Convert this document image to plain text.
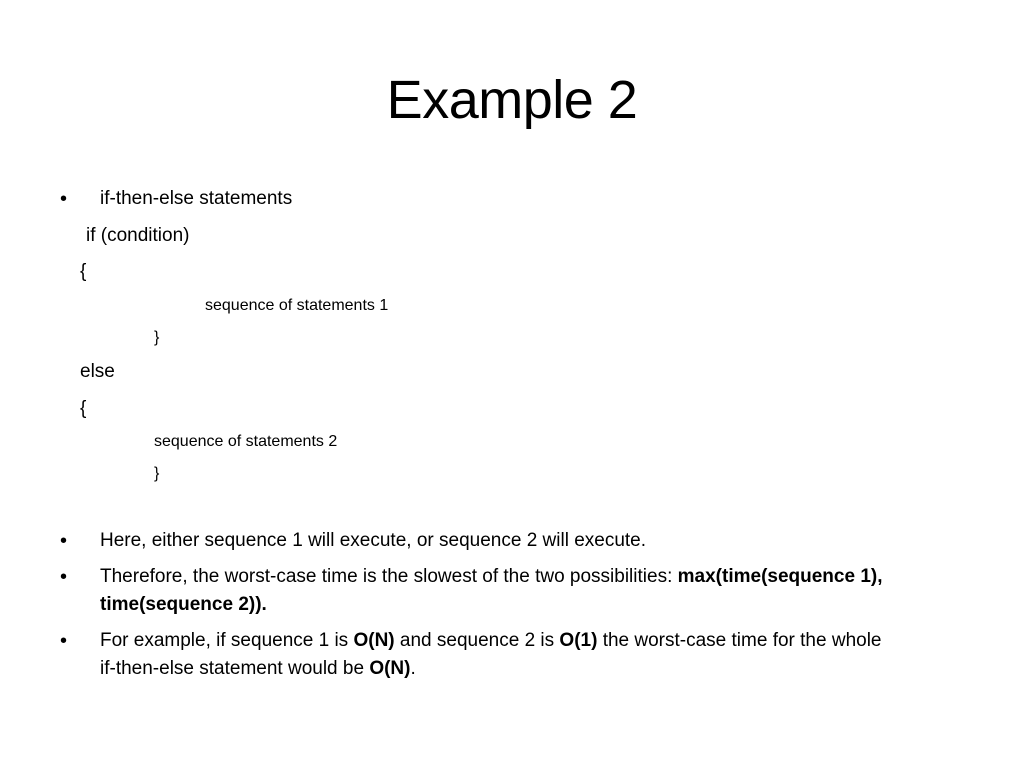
Example 2
• if-then-else statements
if (condition)
{
sequence of statements 1
}
else
{
sequence of statements 2
}
• Here, either sequence 1 will execute, or sequence 2 will execute.
• Therefore, the worst-case time is the slowest of the two possibilities: max(time(sequence 1),
time(sequence 2)).
• For example, if sequence 1 is O(N) and sequence 2 is O(1) the worst-case time for the whole
if-then-else statement would be O(N).
